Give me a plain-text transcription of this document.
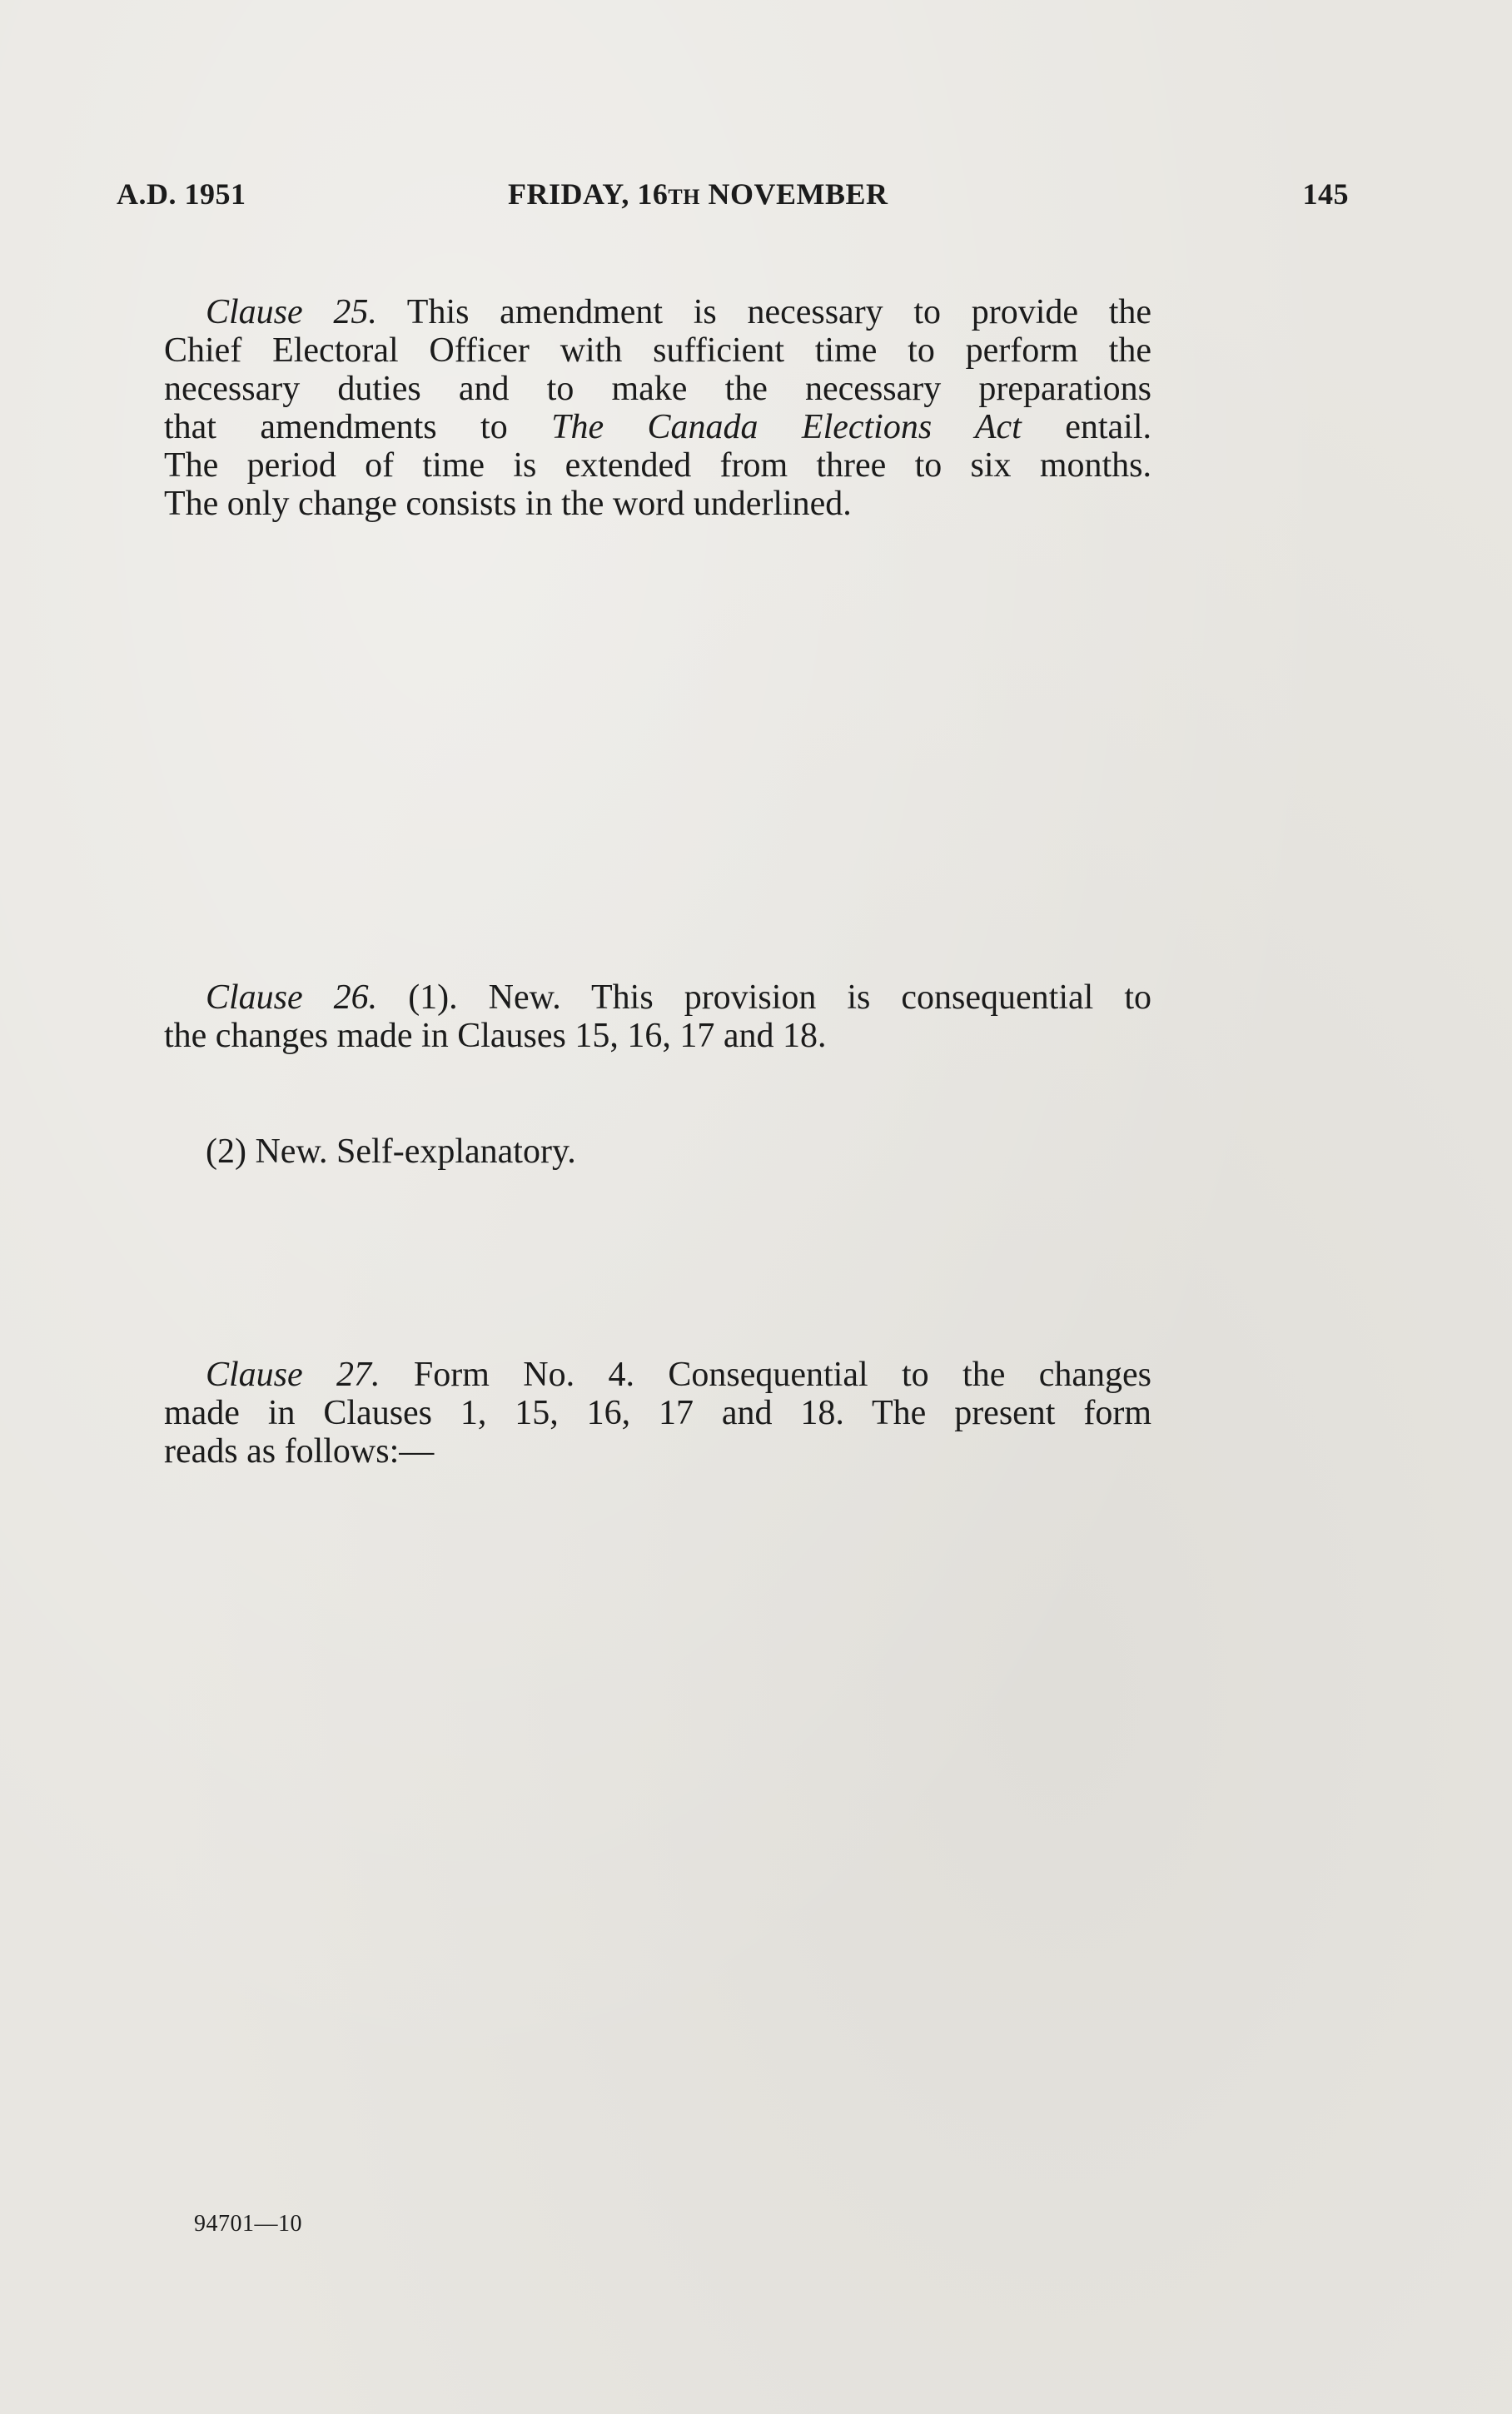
A.D. 1951	FRIDAY, 16TH NOVEMBER	145
Clause 25. This amendment is necessary to provide the
Chief Electoral Officer with sufficient time to perform the
necessary duties and to make the necessary preparations
that amendments to The Canada Elections Act entail.
The period of time is extended from three to six months.
The only change consists in the word underlined.
Clause 26. (1). New. This provision is consequential to
the changes made in Clauses 15, 16, 17 and 18.
(2) New. Self-explanatory.
Clause 27. Form No. 4. Consequential to the changes
made in Clauses 1, 15, 16, 17 and 18. The present form
reads as follows:—
94701—10
